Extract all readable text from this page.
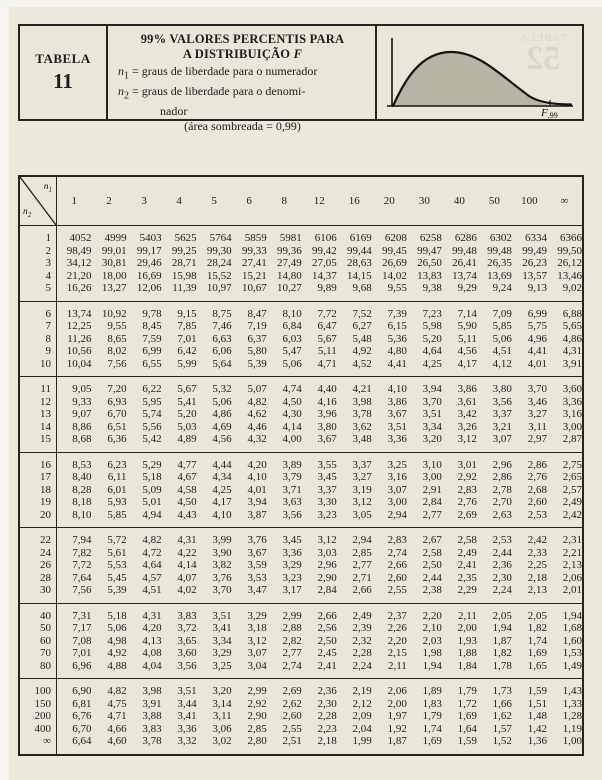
TABELA
11
99% VALORES PERCENTIS PARA
A DISTRIBUIÇÃO F
$n_1$ = graus de liberdade para o numerador
$n_2$ = graus de liberdade para o denomi-
nador
(área sombreada = 0,99)
TABELA
52
F.99
$n_1$
$n_2$	1	2	3	4	5	6	8	12	16	20	30	40	50	100	∞
1	4052	4999	5403	5625	5764	5859	5981	6106	6169	6208	6258	6286	6302	6334	6366
2	98,49	99,01	99,17	99,25	99,30	99,33	99,36	99,42	99,44	99,45	99,47	99,48	99,48	99,49	99,50
3	34,12	30,81	29,46	28,71	28,24	27,41	27,49	27,05	28,63	26,69	26,50	26,41	26,35	26,23	26,12
4	21,20	18,00	16,69	15,98	15,52	15,21	14,80	14,37	14,15	14,02	13,83	13,74	13,69	13,57	13,46
5	16,26	13,27	12,06	11,39	10,97	10,67	10,27	9,89	9,68	9,55	9,38	9,29	9,24	9,13	9,02
6	13,74	10,92	9,78	9,15	8,75	8,47	8,10	7,72	7,52	7,39	7,23	7,14	7,09	6,99	6,88
7	12,25	9,55	8,45	7,85	7,46	7,19	6,84	6,47	6,27	6,15	5,98	5,90	5,85	5,75	5,65
8	11,26	8,65	7,59	7,01	6,63	6,37	6,03	5,67	5,48	5,36	5,20	5,11	5,06	4,96	4,86
9	10,56	8,02	6,99	6,42	6,06	5,80	5,47	5,11	4,92	4,80	4,64	4,56	4,51	4,41	4,31
10	10,04	7,56	6,55	5,99	5,64	5,39	5,06	4,71	4,52	4,41	4,25	4,17	4,12	4,01	3,91
11	9,05	7,20	6,22	5,67	5,32	5,07	4,74	4,40	4,21	4,10	3,94	3,86	3,80	3,70	3,60
12	9,33	6,93	5,95	5,41	5,06	4,82	4,50	4,16	3,98	3,86	3,70	3,61	3,56	3,46	3,36
13	9,07	6,70	5,74	5,20	4,86	4,62	4,30	3,96	3,78	3,67	3,51	3,42	3,37	3,27	3,16
14	8,86	6,51	5,56	5,03	4,69	4,46	4,14	3,80	3,62	3,51	3,34	3,26	3,21	3,11	3,00
15	8,68	6,36	5,42	4,89	4,56	4,32	4,00	3,67	3,48	3,36	3,20	3,12	3,07	2,97	2,87
16	8,53	6,23	5,29	4,77	4,44	4,20	3,89	3,55	3,37	3,25	3,10	3,01	2,96	2,86	2,75
17	8,40	6,11	5,18	4,67	4,34	4,10	3,79	3,45	3,27	3,16	3,00	2,92	2,86	2,76	2,65
18	8,28	6,01	5,09	4,58	4,25	4,01	3,71	3,37	3,19	3,07	2,91	2,83	2,78	2,68	2,57
19	8,18	5,93	5,01	4,50	4,17	3,94	3,63	3,30	3,12	3,00	2,84	2,76	2,70	2,60	2,49
20	8,10	5,85	4,94	4,43	4,10	3,87	3,56	3,23	3,05	2,94	2,77	2,69	2,63	2,53	2,42
22	7,94	5,72	4,82	4,31	3,99	3,76	3,45	3,12	2,94	2,83	2,67	2,58	2,53	2,42	2,31
24	7,82	5,61	4,72	4,22	3,90	3,67	3,36	3,03	2,85	2,74	2,58	2,49	2,44	2,33	2,21
26	7,72	5,53	4,64	4,14	3,82	3,59	3,29	2,96	2,77	2,66	2,50	2,41	2,36	2,25	2,13
28	7,64	5,45	4,57	4,07	3,76	3,53	3,23	2,90	2,71	2,60	2,44	2,35	2,30	2,18	2,06
30	7,56	5,39	4,51	4,02	3,70	3,47	3,17	2,84	2,66	2,55	2,38	2,29	2,24	2,13	2,01
40	7,31	5,18	4,31	3,83	3,51	3,29	2,99	2,66	2,49	2,37	2,20	2,11	2,05	2,05	1,94
50	7,17	5,06	4,20	3,72	3,41	3,18	2,88	2,56	2,39	2,26	2,10	2,00	1,94	1,82	1,68
60	7,08	4,98	4,13	3,65	3,34	3,12	2,82	2,50	2,32	2,20	2,03	1,93	1,87	1,74	1,60
70	7,01	4,92	4,08	3,60	3,29	3,07	2,77	2,45	2,28	2,15	1,98	1,88	1,82	1,69	1,53
80	6,96	4,88	4,04	3,56	3,25	3,04	2,74	2,41	2,24	2,11	1,94	1,84	1,78	1,65	1,49
100	6,90	4,82	3,98	3,51	3,20	2,99	2,69	2,36	2,19	2,06	1,89	1,79	1,73	1,59	1,43
150	6,81	4,75	3,91	3,44	3,14	2,92	2,62	2,30	2,12	2,00	1,83	1,72	1,66	1,51	1,33
200	6,76	4,71	3,88	3,41	3,11	2,90	2,60	2,28	2,09	1,97	1,79	1,69	1,62	1,48	1,28
400	6,70	4,66	3,83	3,36	3,06	2,85	2,55	2,23	2,04	1,92	1,74	1,64	1,57	1,42	1,19
∞	6,64	4,60	3,78	3,32	3,02	2,80	2,51	2,18	1,99	1,87	1,69	1,59	1,52	1,36	1,00
